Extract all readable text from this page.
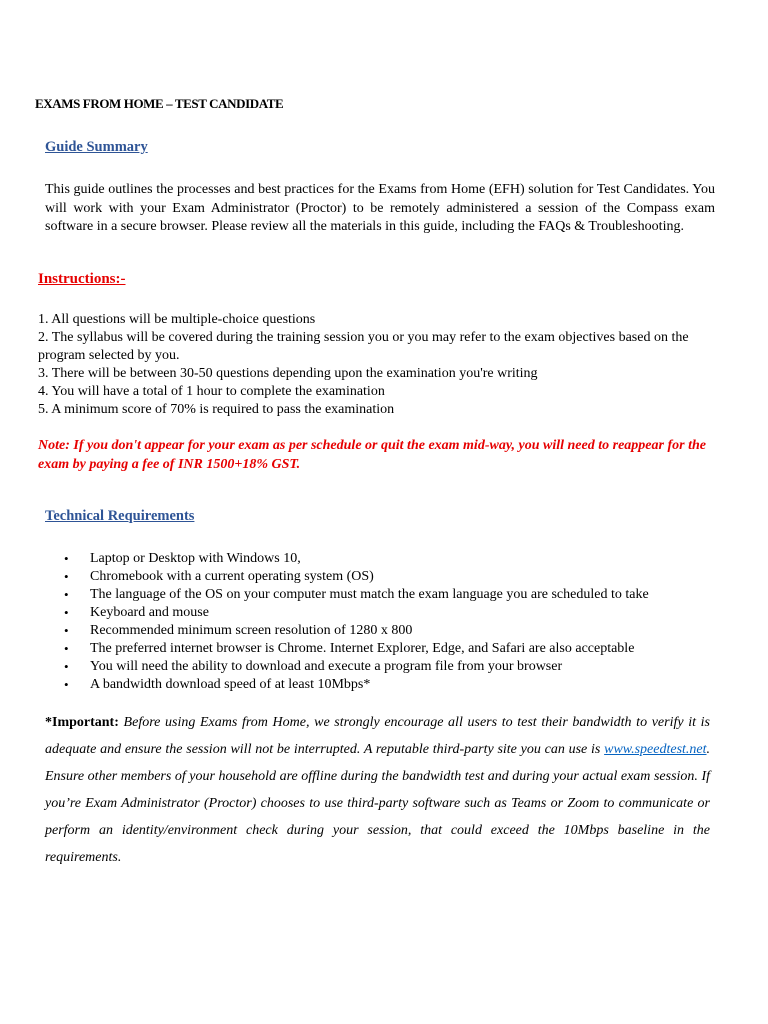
EXAMS FROM HOME – TEST CANDIDATE
Guide Summary
This guide outlines the processes and best practices for the Exams from Home (EFH) solution for Test Candidates. You will work with your Exam Administrator (Proctor) to be remotely administered a session of the Compass exam software in a secure browser. Please review all the materials in this guide, including the FAQs & Troubleshooting.
Instructions:-
1. All questions will be multiple-choice questions
2. The syllabus will be covered during the training session you or you may refer to the exam objectives based on the program selected by you.
3. There will be between 30-50 questions depending upon the examination you're writing
4. You will have a total of 1 hour to complete the examination
5. A minimum score of 70% is required to pass the examination
Note: If you don't appear for your exam as per schedule or quit the exam mid-way, you will need to reappear for the exam by paying a fee of INR 1500+18% GST.
Technical Requirements
• Laptop or Desktop with Windows 10,
• Chromebook with a current operating system (OS)
• The language of the OS on your computer must match the exam language you are scheduled to take
• Keyboard and mouse
• Recommended minimum screen resolution of 1280 x 800
• The preferred internet browser is Chrome. Internet Explorer, Edge, and Safari are also acceptable
• You will need the ability to download and execute a program file from your browser
• A bandwidth download speed of at least 10Mbps*
*Important: Before using Exams from Home, we strongly encourage all users to test their bandwidth to verify it is adequate and ensure the session will not be interrupted. A reputable third-party site you can use is www.speedtest.net. Ensure other members of your household are offline during the bandwidth test and during your actual exam session. If you’re Exam Administrator (Proctor) chooses to use third-party software such as Teams or Zoom to communicate or perform an identity/environment check during your session, that could exceed the 10Mbps baseline in the requirements.
